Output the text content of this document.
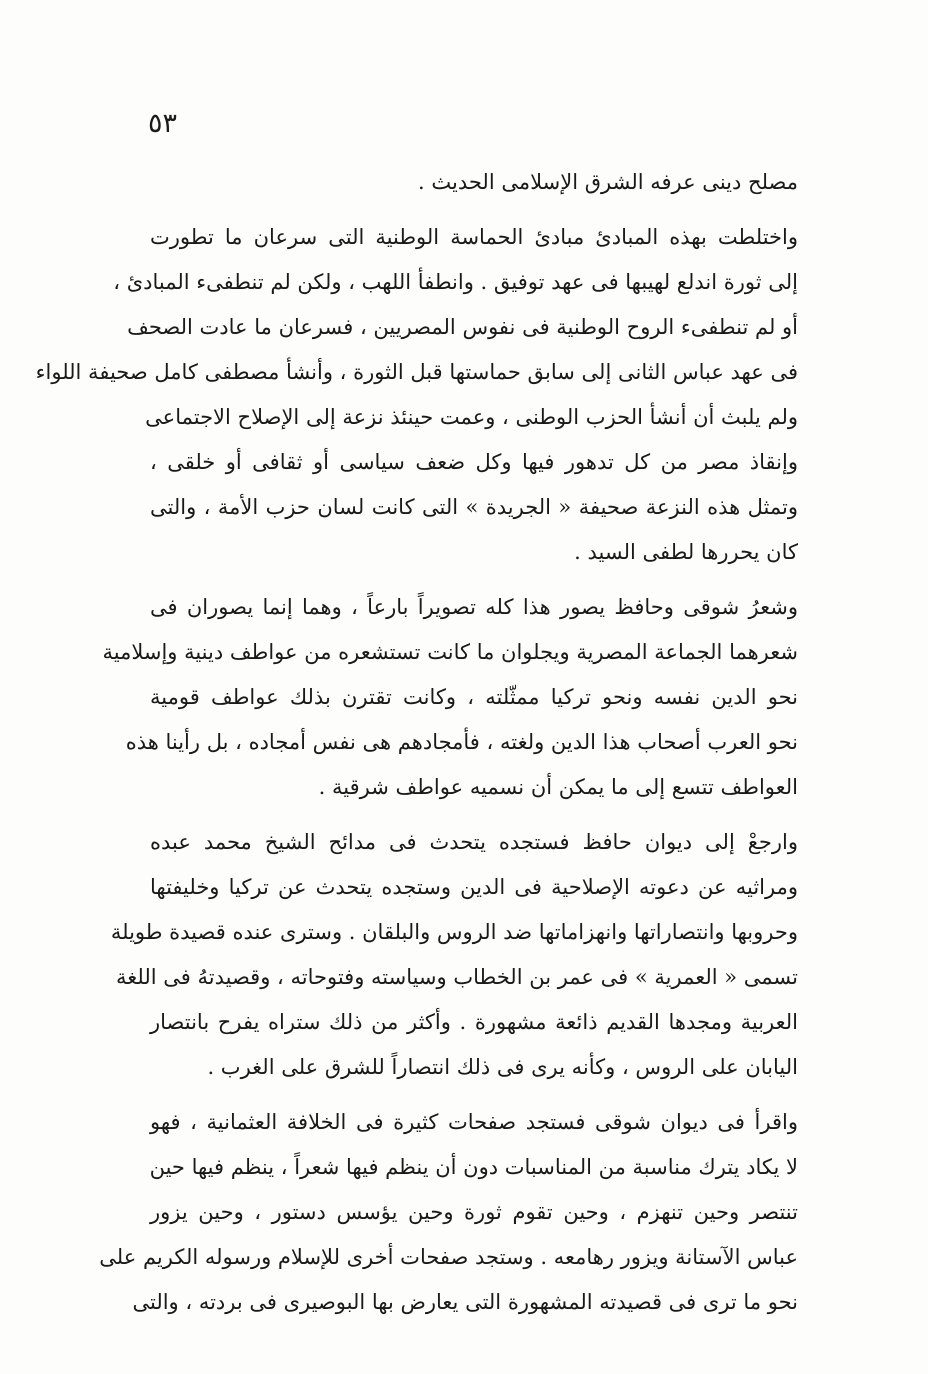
٥٣
مصلح دينى عرفه الشرق الإسلامى الحديث .
واختلطت بهذه المبادئ مبادئ الحماسة الوطنية التى سرعان ما تطورت
إلى ثورة اندلع لهيبها فى عهد توفيق . وانطفأ اللهب ، ولكن لم تنطفىء المبادئ ،
أو لم تنطفىء الروح الوطنية فى نفوس المصريين ، فسرعان ما عادت الصحف
فى عهد عباس الثانى إلى سابق حماستها قبل الثورة ، وأنشأ مصطفى كامل صحيفة اللواء
ولم يلبث أن أنشأ الحزب الوطنى ، وعمت حينئذ نزعة إلى الإصلاح الاجتماعى
وإنقاذ مصر من كل تدهور فيها وكل ضعف سياسى أو ثقافى أو خلقى ،
وتمثل هذه النزعة صحيفة « الجريدة » التى كانت لسان حزب الأمة ، والتى
كان يحررها لطفى السيد .
وشعرُ شوقى وحافظ يصور هذا كله تصويراً بارعاً ، وهما إنما يصوران فى
شعرهما الجماعة المصرية ويجلوان ما كانت تستشعره من عواطف دينية وإسلامية
نحو الدين نفسه ونحو تركيا ممثّلته ، وكانت تقترن بذلك عواطف قومية
نحو العرب أصحاب هذا الدين ولغته ، فأمجادهم هى نفس أمجاده ، بل رأينا هذه
العواطف تتسع إلى ما يمكن أن نسميه عواطف شرقية .
وارجعْ إلى ديوان حافظ فستجده يتحدث فى مدائح الشيخ محمد عبده
ومراثيه عن دعوته الإصلاحية فى الدين وستجده يتحدث عن تركيا وخليفتها
وحروبها وانتصاراتها وانهزاماتها ضد الروس والبلقان . وسترى عنده قصيدة طويلة
تسمى « العمرية » فى عمر بن الخطاب وسياسته وفتوحاته ، وقصيدتهُ فى اللغة
العربية ومجدها القديم ذائعة مشهورة . وأكثر من ذلك ستراه يفرح بانتصار
اليابان على الروس ، وكأنه يرى فى ذلك انتصاراً للشرق على الغرب .
واقرأ فى ديوان شوقى فستجد صفحات كثيرة فى الخلافة العثمانية ، فهو
لا يكاد يترك مناسبة من المناسبات دون أن ينظم فيها شعراً ، ينظم فيها حين
تنتصر وحين تنهزم ، وحين تقوم ثورة وحين يؤسس دستور ، وحين يزور
عباس الآستانة ويزور رهامعه . وستجد صفحات أخرى للإسلام ورسوله الكريم على
نحو ما ترى فى قصيدته المشهورة التى يعارض بها البوصيرى فى بردته ، والتى
